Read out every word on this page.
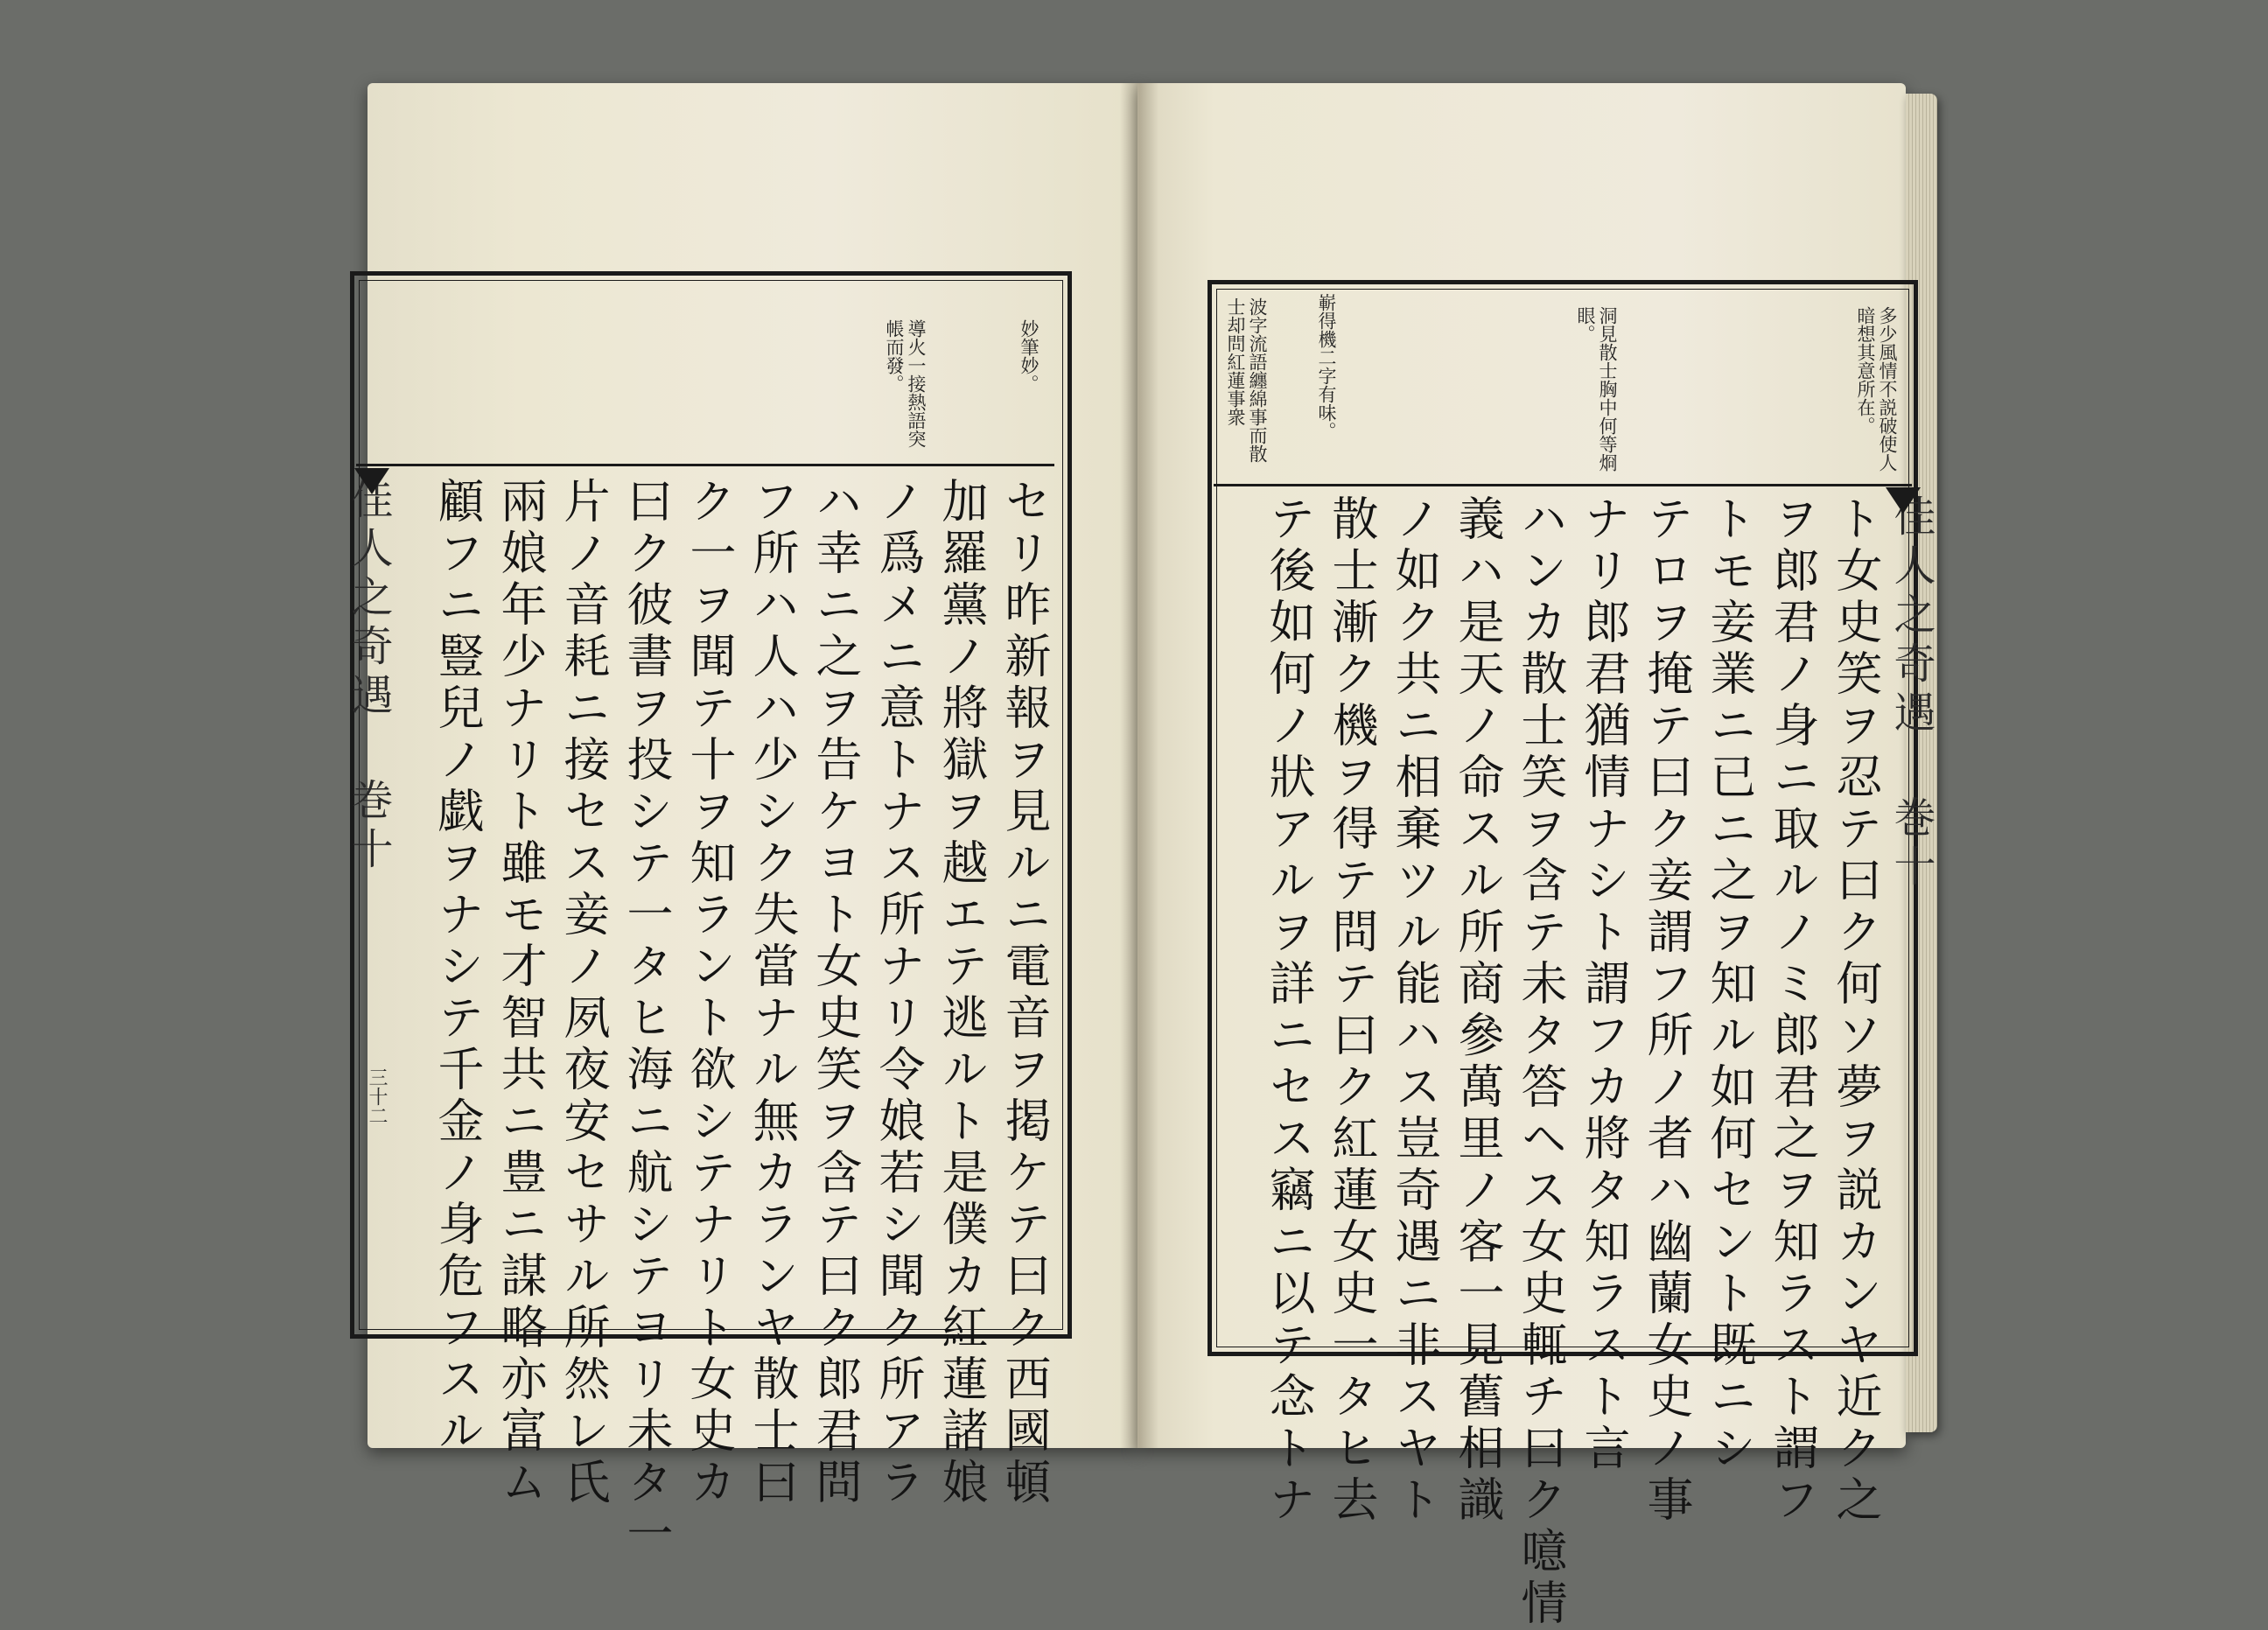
妙筆妙。
導火一接熱語突帳而發。
佳人之奇遇 巻十
三十二	セリ昨新報ヲ見ルニ電音ヲ掲ケテ曰ク西國頓
加羅黨ノ將獄ヲ越エテ逃ルト是僕カ紅蓮諸娘
ノ爲メニ意トナス所ナリ令娘若シ聞ク所アラ
ハ幸ニ之ヲ告ケヨト女史笑ヲ含テ曰ク郎君問
フ所ハ人ハ少シク失當ナル無カランヤ散士曰
ク一ヲ聞テ十ヲ知ラント欲シテナリト女史カ
曰ク彼書ヲ投シテ一タヒ海ニ航シテヨリ未タ一
片ノ音耗ニ接セス妾ノ夙夜安セサル所然レ氏
兩娘年少ナリト雖モ才智共ニ豊ニ謀略亦富ム
顧フニ豎兒ノ戯ヲナシテ千金ノ身危フスル
多少風情不説破使人暗想其意所在。
洞見散士胸中何等烱眼。
嶄得機二字有味。
波字流語纏綿事而散士却問紅蓮事衆
佳人之奇遇 巻十
ト女史笑ヲ忍テ曰ク何ソ夢ヲ説カンヤ近ク之
ヲ郎君ノ身ニ取ルノミ郎君之ヲ知ラスト謂フ
トモ妾業ニ已ニ之ヲ知ル如何セント既ニシ
テロヲ掩テ曰ク妾謂フ所ノ者ハ幽蘭女史ノ事
ナリ郎君猶情ナシト謂フカ將タ知ラスト言
ハンカ散士笑ヲ含テ未タ答ヘス女史輒チ曰ク噫情
義ハ是天ノ命スル所商參萬里ノ客一見舊相識
ノ如ク共ニ相棄ツル能ハス豈奇遇ニ非スヤト
散士漸ク機ヲ得テ問テ曰ク紅蓮女史一タヒ去
テ後如何ノ狀アルヲ詳ニセス竊ニ以テ念トナ
